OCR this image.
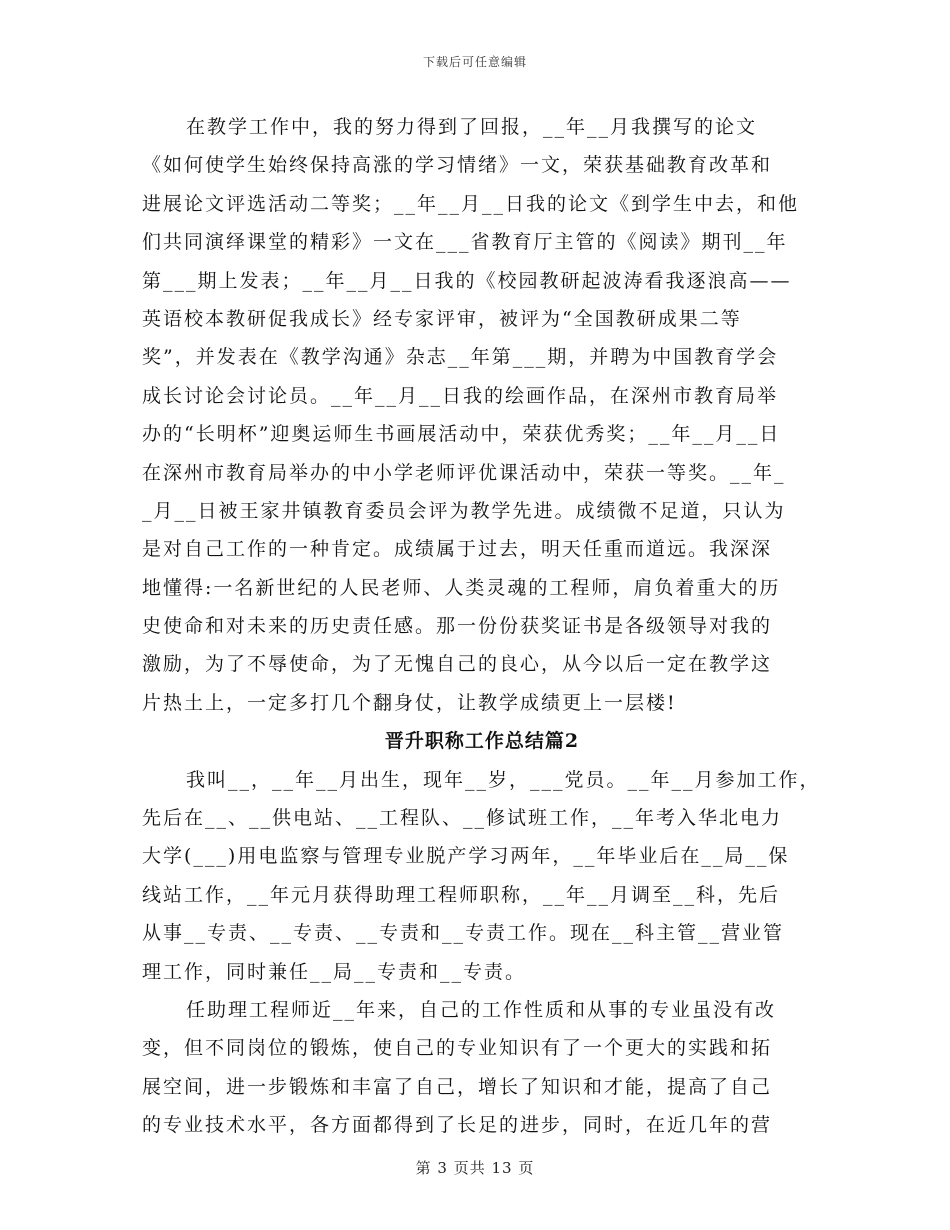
下载后可任意编辑
在教学工作中，我的努力得到了回报，__年__月我撰写的论文
《如何使学生始终保持高涨的学习情绪》一文，荣获基础教育改革和
进展论文评选活动二等奖；__年__月__日我的论文《到学生中去，和他
们共同演绎课堂的精彩》一文在___省教育厅主管的《阅读》期刊__年
第___期上发表；__年__月__日我的《校园教研起波涛看我逐浪高——
英语校本教研促我成长》经专家评审，被评为“全国教研成果二等
奖”，并发表在《教学沟通》杂志__年第___期，并聘为中国教育学会
成长讨论会讨论员。__年__月__日我的绘画作品，在深州市教育局举
办的“长明杯”迎奥运师生书画展活动中，荣获优秀奖；__年__月__日
在深州市教育局举办的中小学老师评优课活动中，荣获一等奖。__年_
_月__日被王家井镇教育委员会评为教学先进。成绩微不足道，只认为
是对自己工作的一种肯定。成绩属于过去，明天任重而道远。我深深
地懂得:一名新世纪的人民老师、人类灵魂的工程师，肩负着重大的历
史使命和对未来的历史责任感。那一份份获奖证书是各级领导对我的
激励，为了不辱使命，为了无愧自己的良心，从今以后一定在教学这
片热土上，一定多打几个翻身仗，让教学成绩更上一层楼!
晋升职称工作总结篇2
我叫__，__年__月出生，现年__岁，___党员。__年__月参加工作，
先后在__、__供电站、__工程队、__修试班工作，__年考入华北电力
大学(___)用电监察与管理专业脱产学习两年，__年毕业后在__局__保
线站工作，__年元月获得助理工程师职称，__年__月调至__科，先后
从事__专责、__专责、__专责和__专责工作。现在__科主管__营业管
理工作，同时兼任__局__专责和__专责。
任助理工程师近__年来，自己的工作性质和从事的专业虽没有改
变，但不同岗位的锻炼，使自己的专业知识有了一个更大的实践和拓
展空间，进一步锻炼和丰富了自己，增长了知识和才能，提高了自己
的专业技术水平，各方面都得到了长足的进步，同时，在近几年的营
第 3 页共 13 页
